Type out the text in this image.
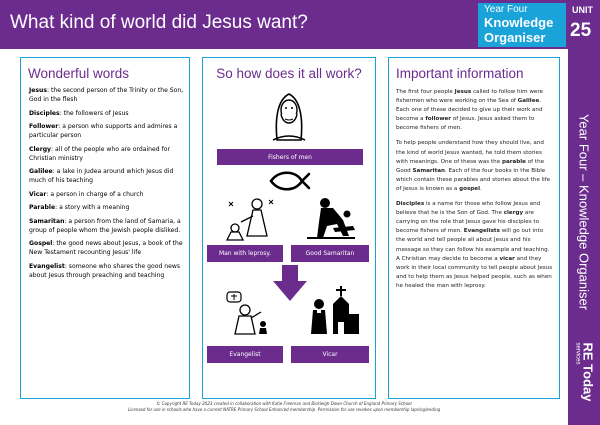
What kind of world did Jesus want?
Year Four
Knowledge
Organiser
UNIT
25
Year Four – Knowledge Organiser
RE Today
services
Wonderful words
Jesus: the second person of the Trinity or the Son, God in the flesh
Disciples: the followers of Jesus
Follower: a person who supports and admires a particular person
Clergy: all of the people who are ordained for Christian ministry
Galilee: a lake in Judea around which Jesus did much of his teaching
Vicar: a person in charge of a church
Parable: a story with a meaning
Samaritan: a person from the land of Samaria, a group of people whom the Jewish people disliked.
Gospel: the good news about Jesus, a book of the New Testament recounting Jesus' life
Evangelist: someone who shares the good news about Jesus through preaching and teaching
So how does it all work?
Fishers of men
Man with leprosy.	Good Samaritan
Evangelist	Vicar
Important information

The first four people Jesus called to follow him were fishermen who were working on the Sea of Galilee. Each one of these decided to give up their work and become a follower of Jesus. Jesus asked them to become fishers of men.

To help people understand how they should live, and the kind of world Jesus wanted, he told them stories with meanings. One of these was the parable of the Good Samaritan. Each of the four books in the Bible which contain these parables and stories about the life of Jesus is known as a gospel.

Disciples is a name for those who follow Jesus and believe that he is the Son of God. The clergy are carrying on the role that Jesus gave his disciples to become fishers of men. Evangelists will go out into the world and tell people all about Jesus and his message so they can follow his example and teaching. A Christian may decide to become a vicar and they work in their local community to tell people about Jesus and to help them as Jesus helped people, such as when he healed the man with leprosy.

© Copyright RE Today 2023 created in collaboration with Katie Freeman and Bickleigh Down Church of England Primary School
Licensed for use in schools who have a current NATRE Primary School Enhanced membership. Permission for use revokes upon membership lapsing/ending
